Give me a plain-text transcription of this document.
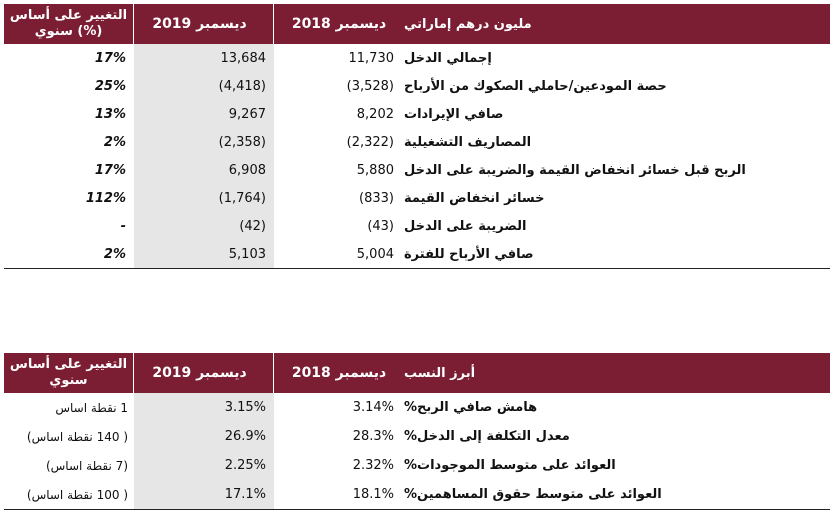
التغيير على أساس سنوي (%)	ديسمبر 2019	ديسمبر 2018	مليون درهم إماراتي
17%	13,684	11,730 إجمالي الدخل
25%	(4,418)	(3,528) حصة المودعين/حاملي الصكوك من الأرباح
13%	9,267	8,202 صافي الإيرادات
2%	(2,358)	(2,322) المصاريف التشغيلية
17%	6,908	5,880 الربح قبل خسائر انخفاض القيمة والضريبة على الدخل
112%	(1,764)	(833) خسائر انخفاض القيمة
-	(42)	(43) الضريبة على الدخل
2%	5,103	5,004 صافي الأرباح للفترة
التغيير على أساس سنوي	ديسمبر 2019	ديسمبر 2018	أبرز النسب
1 نقطة اساس	3.15%	3.14% هامش صافي الربح%
( 140 نقطة اساس)	26.9%	28.3% معدل التكلفة إلى الدخل%
(7 نقطة اساس)	2.25%	2.32% العوائد على متوسط الموجودات%
( 100 نقطة اساس)	17.1%	18.1% العوائد على متوسط حقوق المساهمين%
